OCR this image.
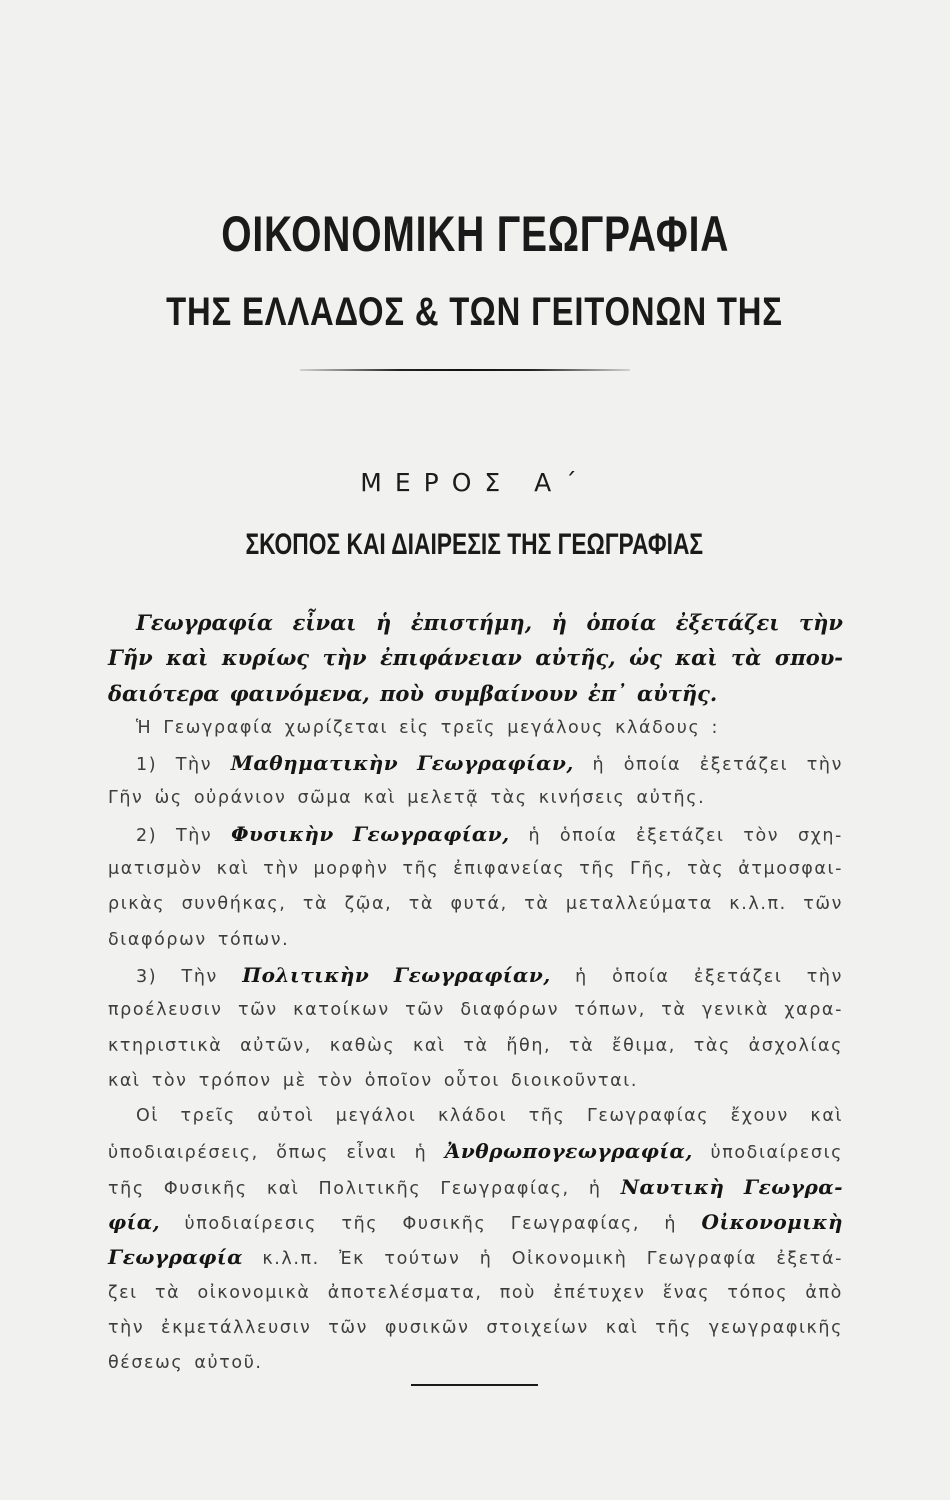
ΟΙΚΟΝΟΜΙΚΗ ΓΕΩΓΡΑΦΙΑ
ΤΗΣ ΕΛΛΑΔΟΣ & ΤΩΝ ΓΕΙΤΟΝΩΝ ΤΗΣ
ΜΕΡΟΣ Α΄
ΣΚΟΠΟΣ ΚΑΙ ΔΙΑΙΡΕΣΙΣ ΤΗΣ ΓΕΩΓΡΑΦΙΑΣ
Γεωγραφία εἶναι ἡ ἐπιστήμη, ἡ ὁποία ἐξετάζει τὴν
Γῆν καὶ κυρίως τὴν ἐπιφάνειαν αὐτῆς, ὡς καὶ τὰ σπου-
δαιότερα φαινόμενα, ποὺ συμβαίνουν ἐπ᾽ αὐτῆς.
Ἡ Γεωγραφία χωρίζεται εἰς τρεῖς μεγάλους κλάδους :
1) Τὴν Μαθηματικὴν Γεωγραφίαν, ἡ ὁποία ἐξετάζει τὴν
Γῆν ὡς οὐράνιον σῶμα καὶ μελετᾷ τὰς κινήσεις αὐτῆς.
2) Τὴν Φυσικὴν Γεωγραφίαν, ἡ ὁποία ἐξετάζει τὸν σχη-
ματισμὸν καὶ τὴν μορφὴν τῆς ἐπιφανείας τῆς Γῆς, τὰς ἀτμοσφαι-
ρικὰς συνθήκας, τὰ ζῷα, τὰ φυτά, τὰ μεταλλεύματα κ.λ.π. τῶν
διαφόρων τόπων.
3) Τὴν Πολιτικὴν Γεωγραφίαν, ἡ ὁποία ἐξετάζει τὴν
προέλευσιν τῶν κατοίκων τῶν διαφόρων τόπων, τὰ γενικὰ χαρα-
κτηριστικὰ αὐτῶν, καθὼς καὶ τὰ ἤθη, τὰ ἔθιμα, τὰς ἀσχολίας
καὶ τὸν τρόπον μὲ τὸν ὁποῖον οὗτοι διοικοῦνται.
Οἱ τρεῖς αὐτοὶ μεγάλοι κλάδοι τῆς Γεωγραφίας ἔχουν καὶ
ὑποδιαιρέσεις, ὅπως εἶναι ἡ Ἀνθρωπογεωγραφία, ὑποδιαίρεσις
τῆς Φυσικῆς καὶ Πολιτικῆς Γεωγραφίας, ἡ Ναυτικὴ Γεωγρα-
φία, ὑποδιαίρεσις τῆς Φυσικῆς Γεωγραφίας, ἡ Οἰκονομικὴ
Γεωγραφία κ.λ.π. Ἐκ τούτων ἡ Οἰκονομικὴ Γεωγραφία ἐξετά-
ζει τὰ οἰκονομικὰ ἀποτελέσματα, ποὺ ἐπέτυχεν ἕνας τόπος ἀπὸ
τὴν ἐκμετάλλευσιν τῶν φυσικῶν στοιχείων καὶ τῆς γεωγραφικῆς
θέσεως αὐτοῦ.
